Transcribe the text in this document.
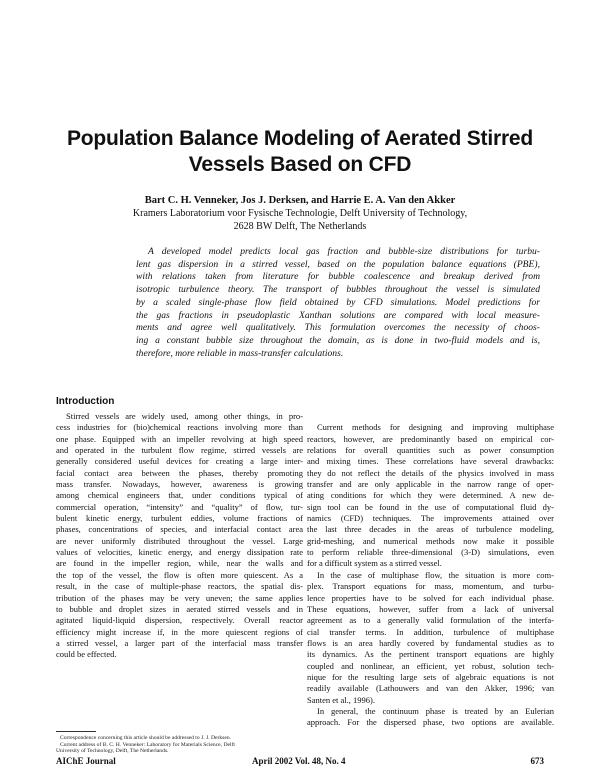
Population Balance Modeling of Aerated Stirred
Vessels Based on CFD
Bart C. H. Venneker, Jos J. Derksen, and Harrie E. A. Van den Akker
Kramers Laboratorium voor Fysische Technologie, Delft University of Technology,
2628 BW Delft, The Netherlands
A developed model predicts local gas fraction and bubble-size distributions for turbu-
lent gas dispersion in a stirred vessel, based on the population balance equations (PBE),
with relations taken from literature for bubble coalescence and breakup derived from
isotropic turbulence theory. The transport of bubbles throughout the vessel is simulated
by a scaled single-phase flow field obtained by CFD simulations. Model predictions for
the gas fractions in pseudoplastic Xanthan solutions are compared with local measure-
ments and agree well qualitatively. This formulation overcomes the necessity of choos-
ing a constant bubble size throughout the domain, as is done in two-fluid models and is,
therefore, more reliable in mass-transfer calculations.
Introduction
Stirred vessels are widely used, among other things, in pro-
cess industries for (bio)chemical reactions involving more than
one phase. Equipped with an impeller revolving at high speed
and operated in the turbulent flow regime, stirred vessels are
generally considered useful devices for creating a large inter-
facial contact area between the phases, thereby promoting
mass transfer. Nowadays, however, awareness is growing
among chemical engineers that, under conditions typical of
commercial operation, “intensity” and “quality” of flow, tur-
bulent kinetic energy, turbulent eddies, volume fractions of
phases, concentrations of species, and interfacial contact area
are never uniformly distributed throughout the vessel. Large
values of velocities, kinetic energy, and energy dissipation rate
are found in the impeller region, while, near the walls and
the top of the vessel, the flow is often more quiescent. As a
result, in the case of multiple-phase reactors, the spatial dis-
tribution of the phases may be very uneven; the same applies
to bubble and droplet sizes in aerated stirred vessels and in
agitated liquid-liquid dispersion, respectively. Overall reactor
efficiency might increase if, in the more quiescent regions of
a stirred vessel, a larger part of the interfacial mass transfer
could be effected.
Current methods for designing and improving multiphase
reactors, however, are predominantly based on empirical cor-
relations for overall quantities such as power consumption
and mixing times. These correlations have several drawbacks:
they do not reflect the details of the physics involved in mass
transfer and are only applicable in the narrow range of oper-
ating conditions for which they were determined. A new de-
sign tool can be found in the use of computational fluid dy-
namics (CFD) techniques. The improvements attained over
the last three decades in the areas of turbulence modeling,
grid-meshing, and numerical methods now make it possible
to perform reliable three-dimensional (3-D) simulations, even
for a difficult system as a stirred vessel.
In the case of multiphase flow, the situation is more com-
plex. Transport equations for mass, momentum, and turbu-
lence properties have to be solved for each individual phase.
These equations, however, suffer from a lack of universal
agreement as to a generally valid formulation of the interfa-
cial transfer terms. In addition, turbulence of multiphase
flows is an area hardly covered by fundamental studies as to
its dynamics. As the pertinent transport equations are highly
coupled and nonlinear, an efficient, yet robust, solution tech-
nique for the resulting large sets of algebraic equations is not
readily available (Lathouwers and van den Akker, 1996; van
Santen et al., 1996).
In general, the continuum phase is treated by an Eulerian
approach. For the dispersed phase, two options are available.
Correspondence concerning this article should be addressed to J. J. Derksen.
Current address of B. C. H. Venneker: Laboratory for Materials Science, Delft
University of Technology, Delft, The Netherlands.
AIChE Journal	April 2002 Vol. 48, No. 4	673
